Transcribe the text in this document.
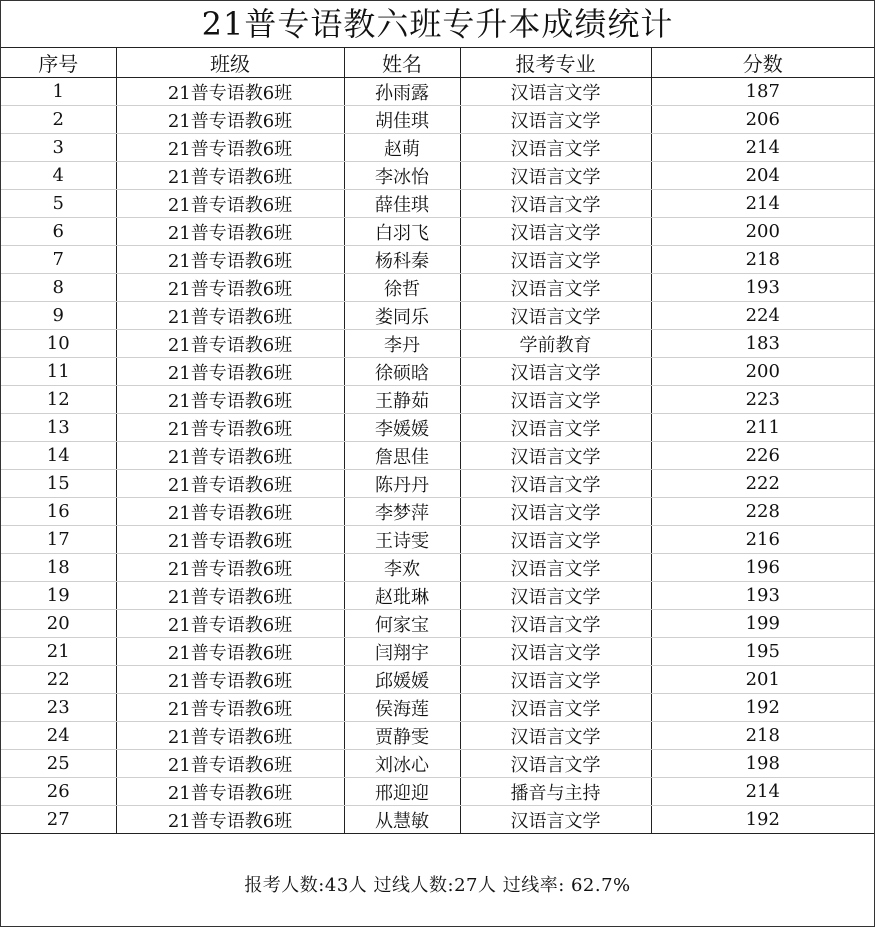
21普专语教六班专升本成绩统计
序号	班级	姓名	报考专业	分数
1	21普专语教6班	孙雨露	汉语言文学	187
2	21普专语教6班	胡佳琪	汉语言文学	206
3	21普专语教6班	赵萌	汉语言文学	214
4	21普专语教6班	李冰怡	汉语言文学	204
5	21普专语教6班	薛佳琪	汉语言文学	214
6	21普专语教6班	白羽飞	汉语言文学	200
7	21普专语教6班	杨科秦	汉语言文学	218
8	21普专语教6班	徐哲	汉语言文学	193
9	21普专语教6班	娄同乐	汉语言文学	224
10	21普专语教6班	李丹	学前教育	183
11	21普专语教6班	徐硕晗	汉语言文学	200
12	21普专语教6班	王静茹	汉语言文学	223
13	21普专语教6班	李媛媛	汉语言文学	211
14	21普专语教6班	詹思佳	汉语言文学	226
15	21普专语教6班	陈丹丹	汉语言文学	222
16	21普专语教6班	李梦萍	汉语言文学	228
17	21普专语教6班	王诗雯	汉语言文学	216
18	21普专语教6班	李欢	汉语言文学	196
19	21普专语教6班	赵玭琳	汉语言文学	193
20	21普专语教6班	何家宝	汉语言文学	199
21	21普专语教6班	闫翔宇	汉语言文学	195
22	21普专语教6班	邱媛媛	汉语言文学	201
23	21普专语教6班	侯海莲	汉语言文学	192
24	21普专语教6班	贾静雯	汉语言文学	218
25	21普专语教6班	刘冰心	汉语言文学	198
26	21普专语教6班	邢迎迎	播音与主持	214
27	21普专语教6班	从慧敏	汉语言文学	192
报考人数:43人 过线人数:27人 过线率: 62.7%
